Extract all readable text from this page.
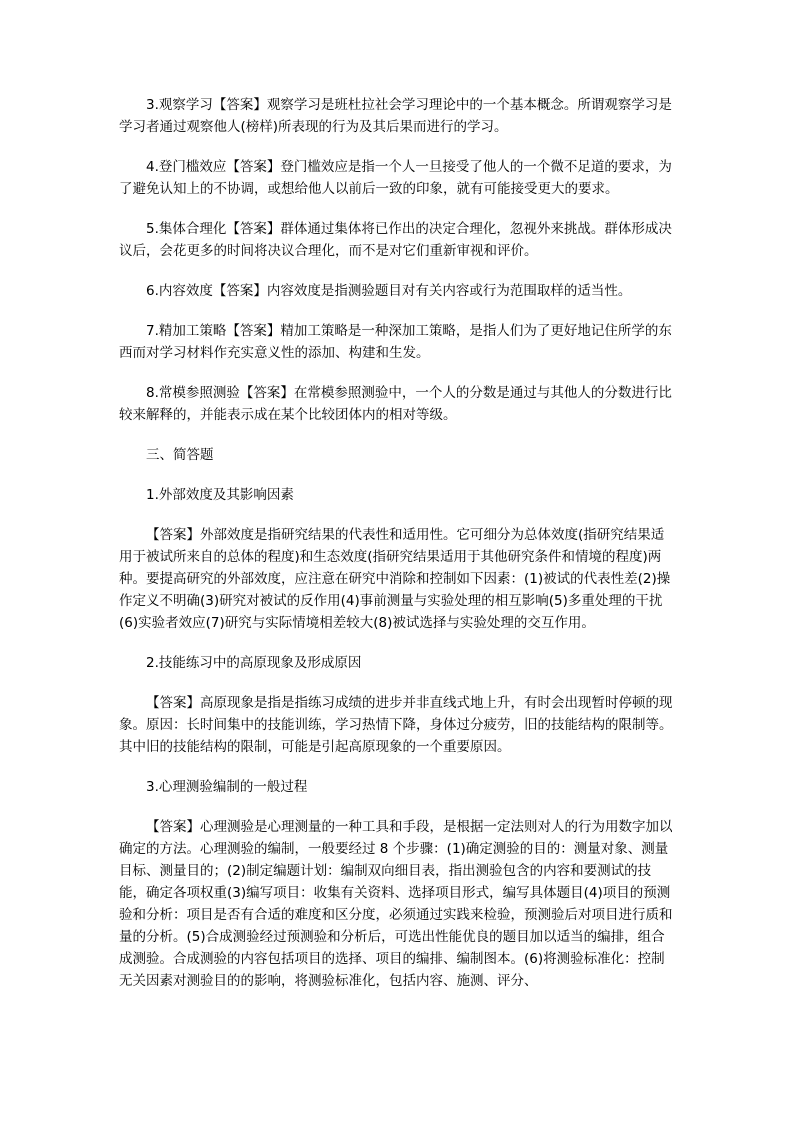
3.观察学习【答案】观察学习是班杜拉社会学习理论中的一个基本概念。所谓观察学习是学习者通过观察他人(榜样)所表现的行为及其后果而进行的学习。

4.登门槛效应【答案】登门槛效应是指一个人一旦接受了他人的一个微不足道的要求，为了避免认知上的不协调，或想给他人以前后一致的印象，就有可能接受更大的要求。

5.集体合理化【答案】群体通过集体将已作出的决定合理化，忽视外来挑战。群体形成决议后，会花更多的时间将决议合理化，而不是对它们重新审视和评价。

6.内容效度【答案】内容效度是指测验题目对有关内容或行为范围取样的适当性。

7.精加工策略【答案】精加工策略是一种深加工策略，是指人们为了更好地记住所学的东西而对学习材料作充实意义性的添加、构建和生发。

8.常模参照测验【答案】在常模参照测验中，一个人的分数是通过与其他人的分数进行比较来解释的，并能表示成在某个比较团体内的相对等级。

三、简答题

1.外部效度及其影响因素

【答案】外部效度是指研究结果的代表性和适用性。它可细分为总体效度(指研究结果适用于被试所来自的总体的程度)和生态效度(指研究结果适用于其他研究条件和情境的程度)两种。要提高研究的外部效度，应注意在研究中消除和控制如下因素：(1)被试的代表性差(2)操作定义不明确(3)研究对被试的反作用(4)事前测量与实验处理的相互影响(5)多重处理的干扰(6)实验者效应(7)研究与实际情境相差较大(8)被试选择与实验处理的交互作用。

2.技能练习中的高原现象及形成原因

【答案】高原现象是指是指练习成绩的进步并非直线式地上升，有时会出现暂时停顿的现象。原因：长时间集中的技能训练，学习热情下降，身体过分疲劳，旧的技能结构的限制等。其中旧的技能结构的限制，可能是引起高原现象的一个重要原因。

3.心理测验编制的一般过程

【答案】心理测验是心理测量的一种工具和手段，是根据一定法则对人的行为用数字加以确定的方法。心理测验的编制，一般要经过 8 个步骤：(1)确定测验的目的：测量对象、测量目标、测量目的；(2)制定编题计划：编制双向细目表，指出测验包含的内容和要测试的技能，确定各项权重(3)编写项目：收集有关资料、选择项目形式，编写具体题目(4)项目的预测验和分析：项目是否有合适的难度和区分度，必须通过实践来检验，预测验后对项目进行质和量的分析。(5)合成测验经过预测验和分析后，可选出性能优良的题目加以适当的编排，组合成测验。合成测验的内容包括项目的选择、项目的编排、编制图本。(6)将测验标准化：控制无关因素对测验目的的影响，将测验标准化，包括内容、施测、评分、
